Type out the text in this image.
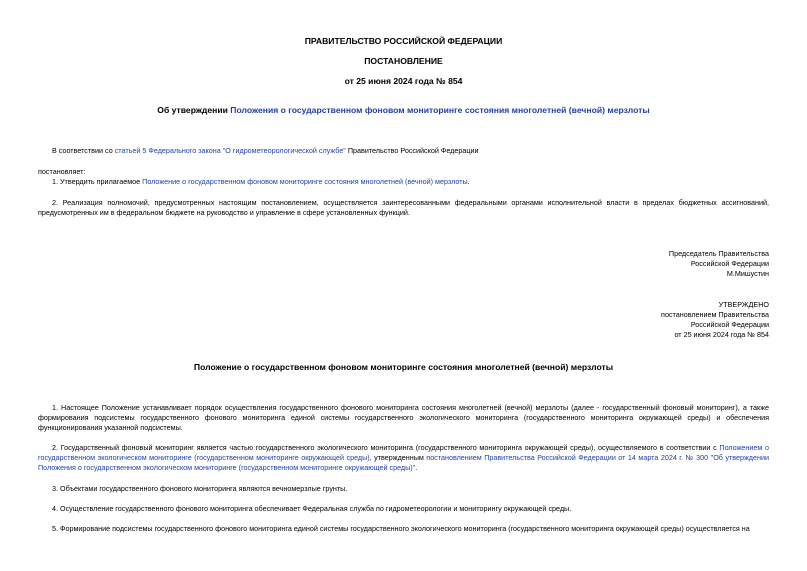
ПРАВИТЕЛЬСТВО РОССИЙСКОЙ ФЕДЕРАЦИИ
ПОСТАНОВЛЕНИЕ
от 25 июня 2024 года № 854
Об утверждении Положения о государственном фоновом мониторинге состояния многолетней (вечной) мерзлоты
В соответствии со статьей 5 Федерального закона "О гидрометеорологической службе" Правительство Российской Федерации
постановляет:
1. Утвердить прилагаемое Положение о государственном фоновом мониторинге состояния многолетней (вечной) мерзлоты.
2. Реализация полномочий, предусмотренных настоящим постановлением, осуществляется заинтересованными федеральными органами исполнительной власти в пределах бюджетных ассигнований, предусмотренных им в федеральном бюджете на руководство и управление в сфере установленных функций.
Председатель Правительства
Российской Федерации
М.Мишустин
УТВЕРЖДЕНО
постановлением Правительства
Российской Федерации
от 25 июня 2024 года № 854
Положение о государственном фоновом мониторинге состояния многолетней (вечной) мерзлоты
1. Настоящее Положение устанавливает порядок осуществления государственного фонового мониторинга состояния многолетней (вечной) мерзлоты (далее - государственный фоновый мониторинг), а также формирования подсистемы государственного фонового мониторинга единой системы государственного экологического мониторинга (государственного мониторинга окружающей среды) и обеспечения функционирования указанной подсистемы.
2. Государственный фоновый мониторинг является частью государственного экологического мониторинга (государственного мониторинга окружающей среды), осуществляемого в соответствии с Положением о государственном экологическом мониторинге (государственном мониторинге окружающей среды), утвержденным постановлением Правительства Российской Федерации от 14 марта 2024 г. № 300 "Об утверждении Положения о государственном экологическом мониторинге (государственном мониторинге окружающей среды)".
3. Объектами государственного фонового мониторинга являются вечномерзлые грунты.
4. Осуществление государственного фонового мониторинга обеспечивает Федеральная служба по гидрометеорологии и мониторингу окружающей среды.
5. Формирование подсистемы государственного фонового мониторинга единой системы государственного экологического мониторинга (государственного мониторинга окружающей среды) осуществляется на
